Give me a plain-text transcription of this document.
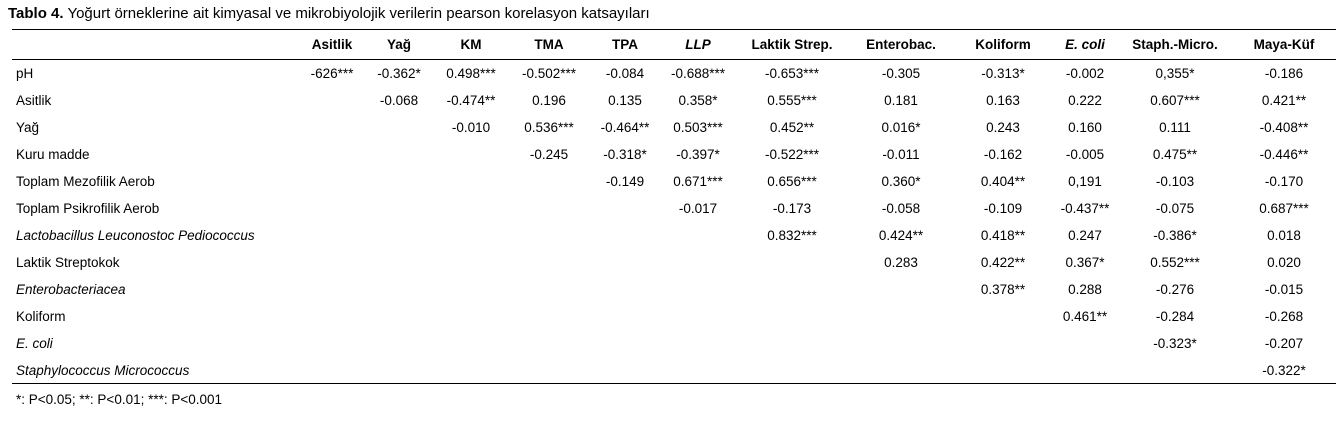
Tablo 4. Yoğurt örneklerine ait kimyasal ve mikrobiyolojik verilerin pearson korelasyon katsayıları
	Asitlik	Yağ	KM	TMA	TPA	LLP	Laktik Strep.	Enterobac.	Koliform	E. coli	Staph.-Micro.	Maya-Küf
pH	-626***	-0.362*	0.498***	-0.502***	-0.084	-0.688***	-0.653***	-0.305	-0.313*	-0.002	0,355*	-0.186
Asitlik		-0.068	-0.474**	0.196	0.135	0.358*	0.555***	0.181	0.163	0.222	0.607***	0.421**
Yağ			-0.010	0.536***	-0.464**	0.503***	0.452**	0.016*	0.243	0.160	0.111	-0.408**
Kuru madde				-0.245	-0.318*	-0.397*	-0.522***	-0.011	-0.162	-0.005	0.475**	-0.446**
Toplam Mezofilik Aerob					-0.149	0.671***	0.656***	0.360*	0.404**	0,191	-0.103	-0.170
Toplam Psikrofilik Aerob						-0.017	-0.173	-0.058	-0.109	-0.437**	-0.075	0.687***
Lactobacillus Leuconostoc Pediococcus							0.832***	0.424**	0.418**	0.247	-0.386*	0.018
Laktik Streptokok								0.283	0.422**	0.367*	0.552***	0.020
Enterobacteriacea									0.378**	0.288	-0.276	-0.015
Koliform										0.461**	-0.284	-0.268
E. coli											-0.323*	-0.207
Staphylococcus Micrococcus												-0.322*
*: P<0.05; **: P<0.01; ***: P<0.001
